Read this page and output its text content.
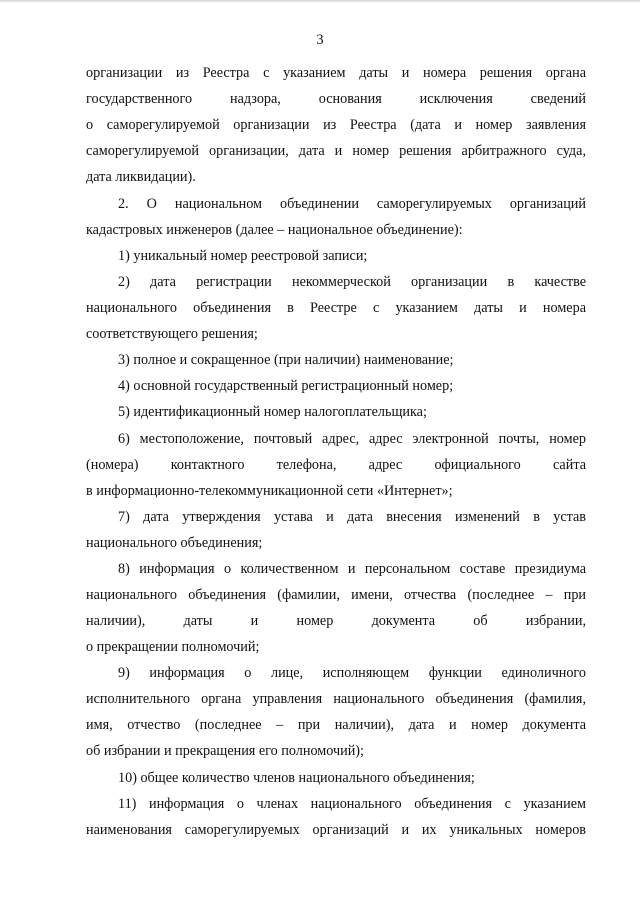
3
организации из Реестра с указанием даты и номера решения органа
государственного надзора, основания исключения сведений
о саморегулируемой организации из Реестра (дата и номер заявления
саморегулируемой организации, дата и номер решения арбитражного суда,
дата ликвидации).
2. О национальном объединении саморегулируемых организаций
кадастровых инженеров (далее – национальное объединение):
1) уникальный номер реестровой записи;
2) дата регистрации некоммерческой организации в качестве
национального объединения в Реестре с указанием даты и номера
соответствующего решения;
3) полное и сокращенное (при наличии) наименование;
4) основной государственный регистрационный номер;
5) идентификационный номер налогоплательщика;
6) местоположение, почтовый адрес, адрес электронной почты, номер
(номера) контактного телефона, адрес официального сайта
в информационно-телекоммуникационной сети «Интернет»;
7) дата утверждения устава и дата внесения изменений в устав
национального объединения;
8) информация о количественном и персональном составе президиума
национального объединения (фамилии, имени, отчества (последнее – при
наличии), даты и номер документа об избрании,
о прекращении полномочий;
9) информация о лице, исполняющем функции единоличного
исполнительного органа управления национального объединения (фамилия,
имя, отчество (последнее – при наличии), дата и номер документа
об избрании и прекращения его полномочий);
10) общее количество членов национального объединения;
11) информация о членах национального объединения с указанием
наименования саморегулируемых организаций и их уникальных номеров
